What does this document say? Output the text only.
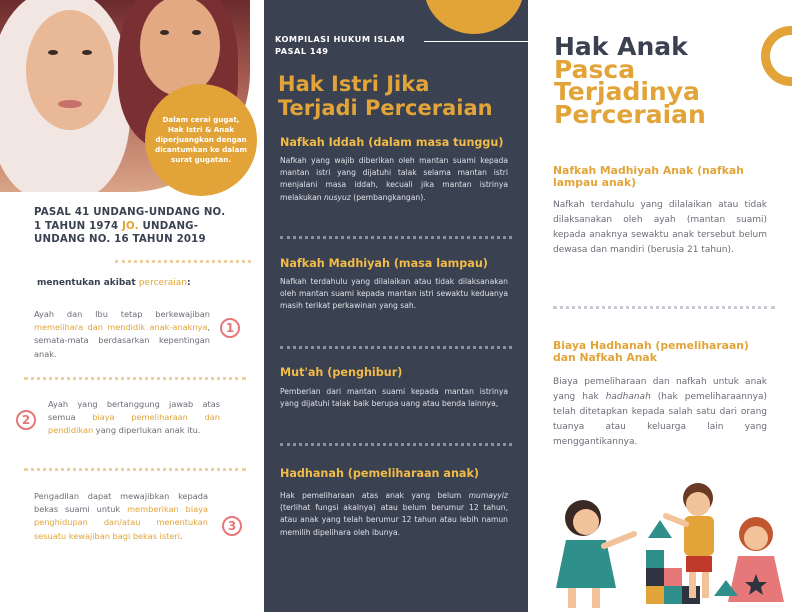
Dalam cerai gugat, Hak Istri & Anak diperjuangkan dengan dicantumkan ke dalam surat gugatan.
PASAL 41 UNDANG-UNDANG NO. 1 TAHUN 1974 JO. UNDANG-UNDANG NO. 16 TAHUN 2019
menentukan akibat perceraian:
Ayah dan Ibu tetap berkewajiban memelihara dan mendidik anak-anaknya, semata-mata berdasarkan kepentingan anak.
1
Ayah yang bertanggung jawab atas semua biaya pemeliharaan dan pendidikan yang diperlukan anak itu.
2
Pengadilan dapat mewajibkan kepada bekas suami untuk memberikan biaya penghidupan dan/atau menentukan sesuatu kewajiban bagi bekas isteri.
3
KOMPILASI HUKUM ISLAM
PASAL 149
Hak Istri Jika
Terjadi Perceraian
Nafkah Iddah (dalam masa tunggu)
Nafkah yang wajib diberikan oleh mantan suami kepada mantan istri yang dijatuhi talak selama mantan istri menjalani masa iddah, kecuali jika mantan istrinya melakukan nusyuz (pembangkangan).
Nafkah Madhiyah (masa lampau)
Nafkah terdahulu yang dilalaikan atau tidak dilaksanakan oleh mantan suami kepada mantan istri sewaktu keduanya masih terikat perkawinan yang sah.
Mut'ah (penghibur)
Pemberian dari mantan suami kepada mantan istrinya yang dijatuhi talak baik berupa uang atau benda lainnya,
Hadhanah (pemeliharaan anak)
Hak pemeliharaan atas anak yang belum mumayyiz (terlihat fungsi akalnya) atau belum berumur 12 tahun, atau anak yang telah berumur 12 tahun atau lebih namun memilih dipelihara oleh ibunya.
Hak Anak
Pasca
Terjadinya
Perceraian
Nafkah Madhiyah Anak (nafkah lampau anak)
Nafkah terdahulu yang dilalaikan atau tidak dilaksanakan oleh ayah (mantan suami) kepada anaknya sewaktu anak tersebut belum dewasa dan mandiri (berusia 21 tahun).
Biaya Hadhanah (pemeliharaan) dan Nafkah Anak
Biaya pemeliharaan dan nafkah untuk anak yang hak hadhanah (hak pemeliharaannya) telah ditetapkan kepada salah satu dari orang tuanya atau keluarga lain yang menggantikannya.
